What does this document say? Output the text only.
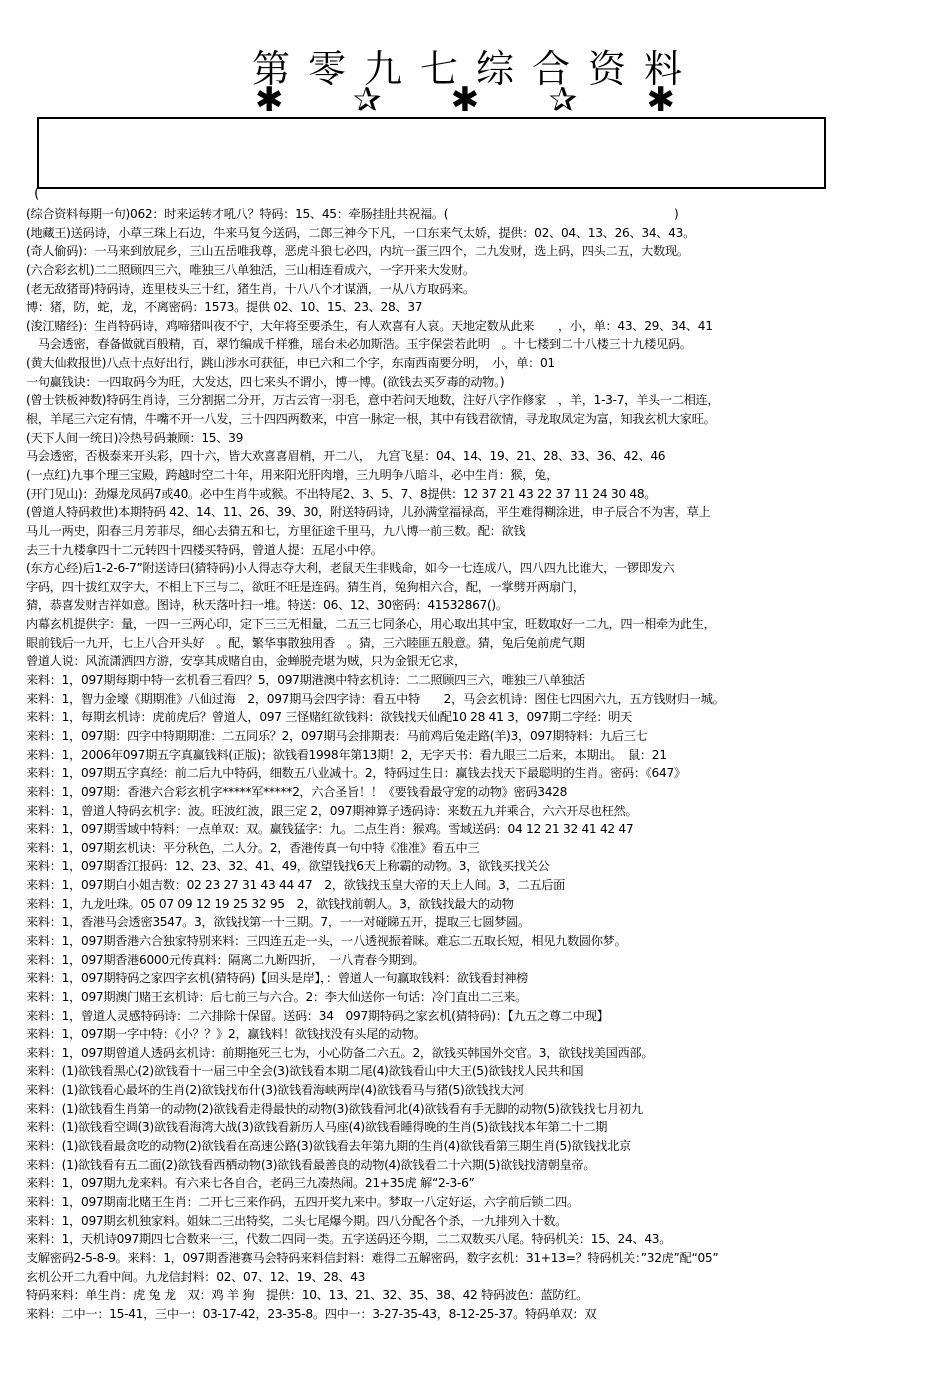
第零九七综合资料
✱ ✰ ✱ ✰ ✱
(
(综合资料每期一句)062：时来运转才吼八？特码：15、45：牵肠挂肚共祝福。(　　　　　　　　　　　　　　　　　　　)
(地藏王)送码诗，小草三珠上石边，牛来马复今送码，二郎三神今下凡，一口东来气太娇，提供：02、04、13、26、34、43。
(奇人偷码)：一马来到放屁乡，三山五岳唯我尊，恶虎斗狼七必四，内坑一蛋三四个，二九发财，选上码，四头二五，大数现。
(六合彩玄机)二二照顾四三六，唯独三八单独活，三山相连看成六，一字开来大发财。
(老无敌猪哥)特码诗，连里枝头三十红，猪生肖，十八八个才谋酒，一从八方取码来。
博：猪，防，蛇，龙，不离密码：1573。提供 02、10、15、23、28、37
(浚江赌经)：生肖特码诗，鸡啼猪叫夜不宁，大年将至要杀生，有人欢喜有人哀。天地定数从此来　　，小，单：43、29、34、41
　马会透密，春备做就百般精，百，翠竹编成千样雅，瑶台未必加斯浩。玉宇保尝若此明　。十七楼到二十八楼三十九楼见码。
(黄大仙救报世)八点十点好出行，跳山涉水可获征，申已六和二个字，东南西南要分明，　小，单：01
一句赢钱诀：一四取码今为旺，大发达，四七来头不谓小，博一博。(欲钱去买歹毒的动物。)
(曾士铁板神数)特码生肖诗，三分割据二分开，万古云宵一羽毛，意中若问天地数，注好八字作修家　，羊，1-3-7，羊头一二相连，
根，羊尾三六定有情，牛嘴不开一八发，三十四四两数来，中宫一脉定一根，其中有钱君欲情，寻龙取凤定为富，知我玄机大家旺。
(天下人间一统日)冷热号码兼顾：15、39
马会透密，否极泰来开头彩，四十六，皆大欢喜喜眉梢，开二八，　九宫飞星：04、14、19、21、28、33、36、42、46
(一点红)九事个理三宝殿，跨越时空二十年，用来阳光肝肉增，三九明争八暗斗，必中生肖：猴，兔，
(开门见山)：劲爆龙凤码7或40。必中生肖牛或猴。不出特尾2、3、5、7、8提供：12 37 21 43 22 37 11 24 30 48。
(曾道人特码救世)本期特码 42、14、11、26、39、30，附送特码诗，儿孙满堂福禄高，平生难得糊涂进，申子辰合不为害，草上
马儿一两史，阳春三月芳菲尽，细心去猜五和七，方里征途千里马，九八博一前三数。配：欲钱
去三十九楼拿四十二元转四十四楼买特码，曾道人提：五尾小中停。
(东方心经)后1-2-6-7”附送诗曰(猜特码)小人得志夺大利，老鼠天生非贱命，如今一七连成八，四八四九比谁大，一锣即发六
字码，四十拔红双字大，不相上下三与二，欲旺不旺是连码。猜生肖，兔狗相六合，配，一掌劈开两扇门，
猜，恭喜发财吉祥如意。图诗，秋天落叶扫一堆。特送：06、12、30密码：41532867()。
内幕玄机提供字：量，一四一三两心印，定下三三无相量，二五三七同条心，用心取出其中宝，旺数取好一二九，四一相牵为此生，
眼前钱后一九开，七上八合开头好　。配，繁华事散独用香　。猜，三六睦匪五般意。猜，兔后兔前虎气期
曾道人说：风流潇洒四方游，安享其成赌自由，金蝉脱壳堪为贼，只为金银无它求，
来料：1，097期每期中特一玄机看三看四？5，097期港澳中特玄机诗：二二照顾四三六，唯独三八单独活
来料：1，智力金壕《期期准》八仙过海　2，097期马会四字诗：看五中特　　2，马会玄机诗：图住七四困六九，五方钱财归一城。
来料：1，每期玄机诗：虎前虎后？曾道人，097 三怪赌红欲钱料：欲钱找天仙配10 28 41 3，097期二字经：明天
来料：1，097期：四字中特期期准：二五同乐？2，097期马会排期表：马前鸡后兔走路(羊)3，097期特料：九后三七
来料：1，2006年097期五字真赢钱料(正版)；欲钱看1998年第13期！2，无字天书：看九眼三二后来，本期出。　鼠：21
来料：1，097期五字真经：前二后九中特码，细数五八业减十。2，特码过生日：赢钱去找天下最聪明的生肖。密码：《647》
来料：1，097期：香港六合彩玄机字*****军*****2，六合圣旨！！《要钱看最守宠的动物》密码3428
来料：1，曾道人特码玄机字：波。旺波红波，跟三定 2，097期神算子透码诗：来数五九并乘合，六六开尽也枉然。
来料：1，097期雪域中特料：一点单双：双。赢钱猛字：九。二点生肖：猴鸡。雪域送码：04 12 21 32 41 42 47
来料：1，097期玄机诀：平分秋色，二人分。2，香港传真一句中特《准准》看五中三
来料：1，097期香江报码：12、23、32、41、49，欲望钱找6天上称霸的动物。3，欲钱买找关公
来料：1，097期白小姐吉数：02 23 27 31 43 44 47　2，欲钱找玉皇大帝的天上人间。3，二五后面
来料：1，九龙吐珠。05 07 09 12 19 25 32 95　2，欲钱找前朝人。3，欲钱找最大的动物
来料：1，香港马会透密3547。3，欲钱找第一十三期。7，一一对碰睇五开，提取三七圆梦圆。
来料：1，097期香港六合独家特别来料：三四连五走一头，一八透视振着睐。难忘二五取长短，相见九数圆你梦。
来料：1，097期香港6000元传真料：隔离二九断四折，　一八青春今期到。
来料：1，097期特码之家四字玄机(猜特码)【回头是岸】，：曾道人一句赢取钱料：欲钱看封神榜
来料：1，097期澳门赌王玄机诗：后七前三与六合。2：李大仙送你一句话：冷门直出二三来。
来料：1，曾道人灵感特码诗：二六排除十保留。送码：34　097期特码之家玄机(猜特码)：【九五之尊二中现】
来料：1，097期一字中特：《小？？》2，赢钱料！欲钱找没有头尾的动物。
来料：1，097期曾道人透码玄机诗：前期拖死三七为，小心防备二六五。2，欲钱买韩国外交官。3，欲钱找美国西部。
来料：(1)欲钱看黑心(2)欲钱看十一届三中全会(3)欲钱看本期二尾(4)欲钱看山中大王(5)欲钱找人民共和国
来料：(1)欲钱看心最坏的生肖(2)欲钱找布什(3)欲钱看海峡两岸(4)欲钱看马与猪(5)欲钱找大河
来料：(1)欲钱看生肖第一的动物(2)欲钱看走得最快的动物(3)欲钱看河北(4)欲钱看有手无脚的动物(5)欲钱找七月初九
来料：(1)欲钱看空调(3)欲钱看海湾大战(3)欲钱看新历人马座(4)欲钱看睡得晚的生肖(5)欲钱找本年第二十二期
来料：(1)欲钱看最贪吃的动物(2)欲钱看在高速公路(3)欲钱看去年第九期的生肖(4)欲钱看第三期生肖(5)欲钱找北京
来料：(1)欲钱看有五二面(2)欲钱看西栖动物(3)欲钱看最善良的动物(4)欲钱看二十六期(5)欲钱找清朝皇帝。
来料：1，097期九龙来料。有六来七各自合，老码三九凑热闹。21+35虎 解“2-3-6”
来料：1，097期南北赌王生肖：二开七三来作码，五四开奖九来中。梦取一八定好运，六字前后锁二四。
来料：1，097期玄机独家料。姐妹二三出特奖，二头七尾爆今期。四八分配各个杀，一九排列入十数。
来料：1，天机诗097期四七合数来一三，代数二四同一类。五字送码还今期，二二双数买八尾。特码机关：15、24、43。
支解密码2-5-8-9。来料：1，097期香港赛马会特码来料信封料：难得二五解密码，数字玄机：31+13=？特码机关：”32虎”配“05”
玄机公开二九看中间。九龙信封料：02、07、12、19、28、43
特码来料：单生肖：虎 兔 龙　双：鸡 羊 狗　提供：10、13、21、32、35、38、42 特码波色：蓝防红。
来料：二中一：15-41，三中一：03-17-42，23-35-8。四中一：3-27-35-43，8-12-25-37。特码单双：双
